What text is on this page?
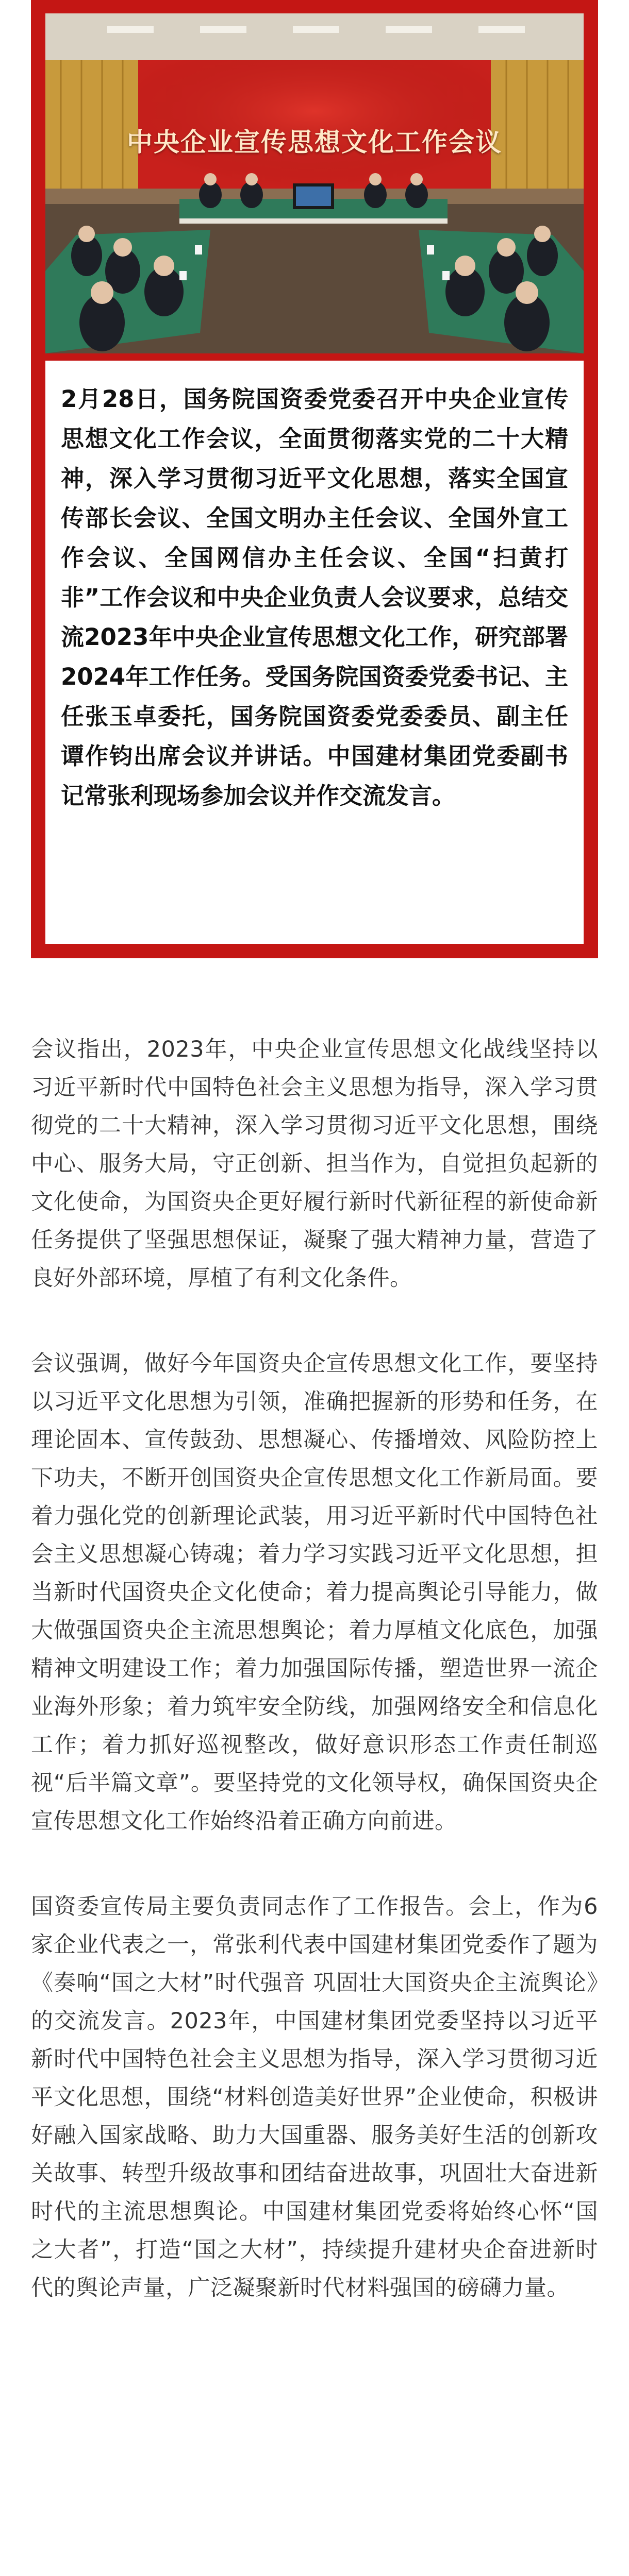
中央企业宣传思想文化工作会议

2月28日，国务院国资委党委召开中央企业宣传思想文化工作会议，全面贯彻落实党的二十大精神，深入学习贯彻习近平文化思想，落实全国宣传部长会议、全国文明办主任会议、全国外宣工作会议、全国网信办主任会议、全国“扫黄打非”工作会议和中央企业负责人会议要求，总结交流2023年中央企业宣传思想文化工作，研究部署2024年工作任务。受国务院国资委党委书记、主任张玉卓委托，国务院国资委党委委员、副主任谭作钧出席会议并讲话。中国建材集团党委副书记常张利现场参加会议并作交流发言。

会议指出，2023年，中央企业宣传思想文化战线坚持以习近平新时代中国特色社会主义思想为指导，深入学习贯彻党的二十大精神，深入学习贯彻习近平文化思想，围绕中心、服务大局，守正创新、担当作为，自觉担负起新的文化使命，为国资央企更好履行新时代新征程的新使命新任务提供了坚强思想保证，凝聚了强大精神力量，营造了良好外部环境，厚植了有利文化条件。

会议强调，做好今年国资央企宣传思想文化工作，要坚持以习近平文化思想为引领，准确把握新的形势和任务，在理论固本、宣传鼓劲、思想凝心、传播增效、风险防控上下功夫，不断开创国资央企宣传思想文化工作新局面。要着力强化党的创新理论武装，用习近平新时代中国特色社会主义思想凝心铸魂；着力学习实践习近平文化思想，担当新时代国资央企文化使命；着力提高舆论引导能力，做大做强国资央企主流思想舆论；着力厚植文化底色，加强精神文明建设工作；着力加强国际传播，塑造世界一流企业海外形象；着力筑牢安全防线，加强网络安全和信息化工作；着力抓好巡视整改，做好意识形态工作责任制巡视“后半篇文章”。要坚持党的文化领导权，确保国资央企宣传思想文化工作始终沿着正确方向前进。

国资委宣传局主要负责同志作了工作报告。会上，作为6家企业代表之一，常张利代表中国建材集团党委作了题为《奏响“国之大材”时代强音 巩固壮大国资央企主流舆论》的交流发言。2023年，中国建材集团党委坚持以习近平新时代中国特色社会主义思想为指导，深入学习贯彻习近平文化思想，围绕“材料创造美好世界”企业使命，积极讲好融入国家战略、助力大国重器、服务美好生活的创新攻关故事、转型升级故事和团结奋进故事，巩固壮大奋进新时代的主流思想舆论。中国建材集团党委将始终心怀“国之大者”，打造“国之大材”，持续提升建材央企奋进新时代的舆论声量，广泛凝聚新时代材料强国的磅礴力量。
